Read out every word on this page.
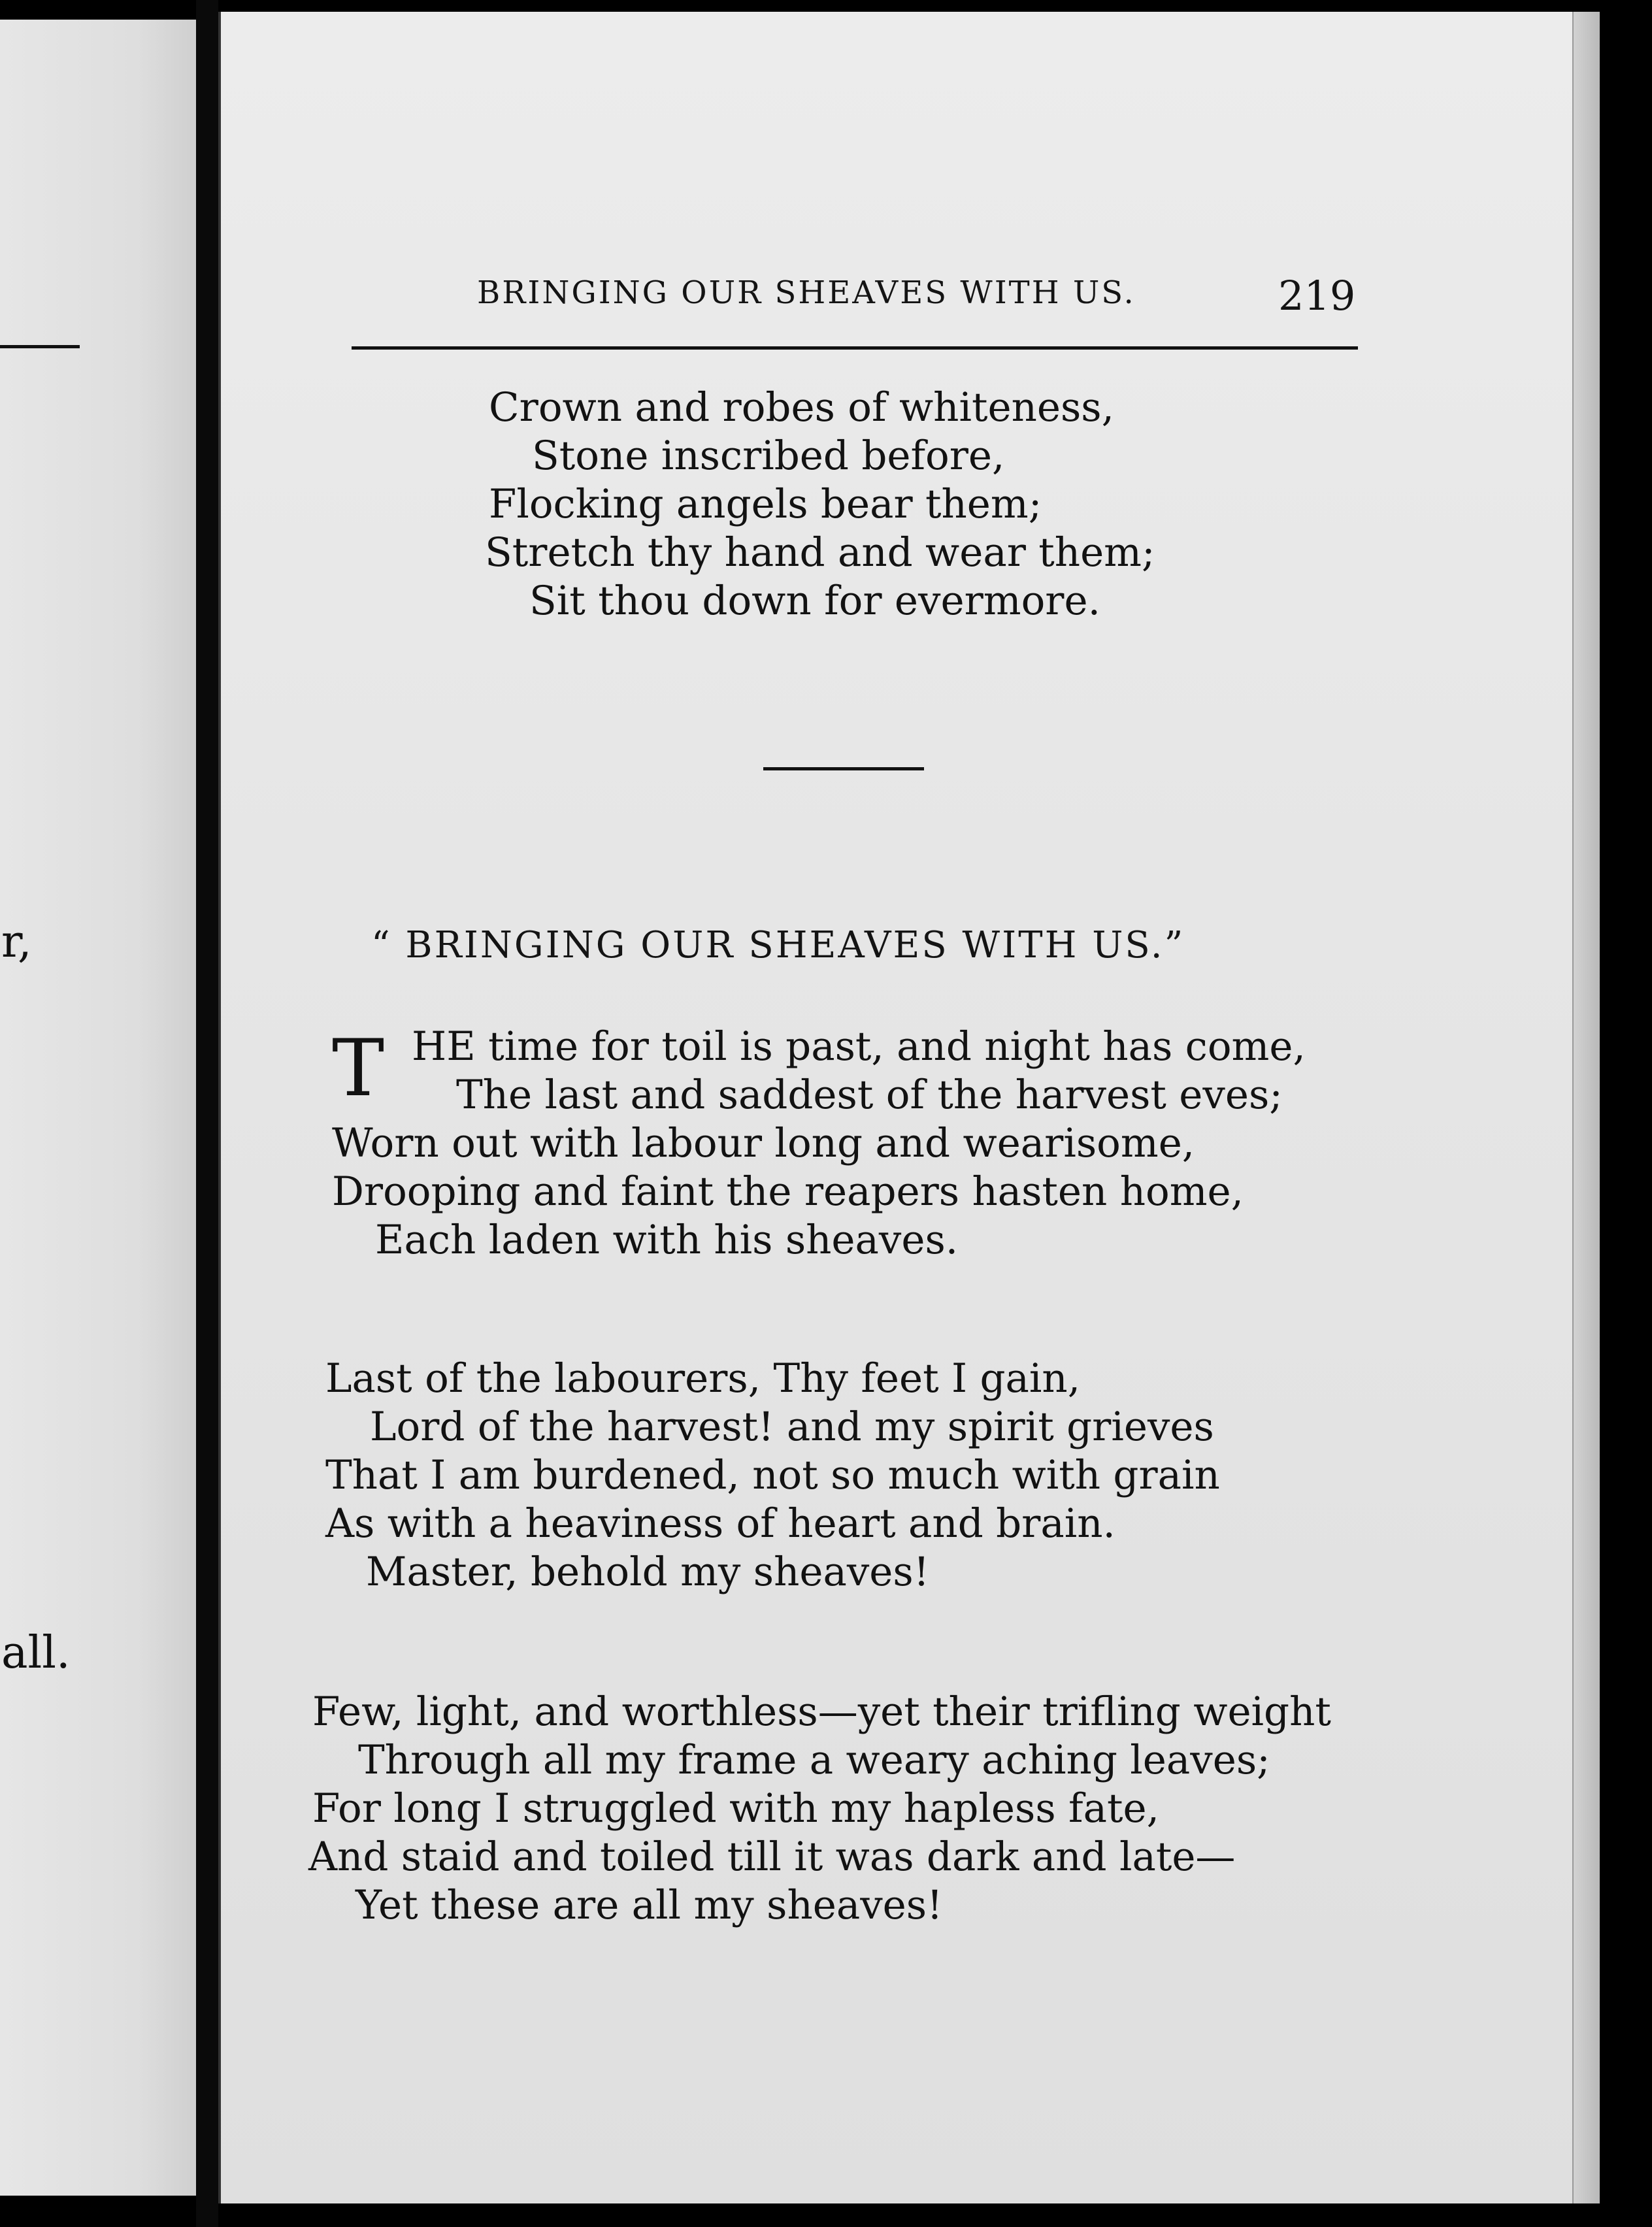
r,
all.
BRINGING OUR SHEAVES WITH US.	219
Crown and robes of whiteness,
Stone inscribed before,
Flocking angels bear them;
Stretch thy hand and wear them;
Sit thou down for evermore.
“ BRINGING OUR SHEAVES WITH US.”
T HE time for toil is past, and night has come,
The last and saddest of the harvest eves;
Worn out with labour long and wearisome,
Drooping and faint the reapers hasten home,
Each laden with his sheaves.
Last of the labourers, Thy feet I gain,
Lord of the harvest! and my spirit grieves
That I am burdened, not so much with grain
As with a heaviness of heart and brain.
Master, behold my sheaves!
Few, light, and worthless—yet their trifling weight
Through all my frame a weary aching leaves;
For long I struggled with my hapless fate,
And staid and toiled till it was dark and late—
Yet these are all my sheaves!
